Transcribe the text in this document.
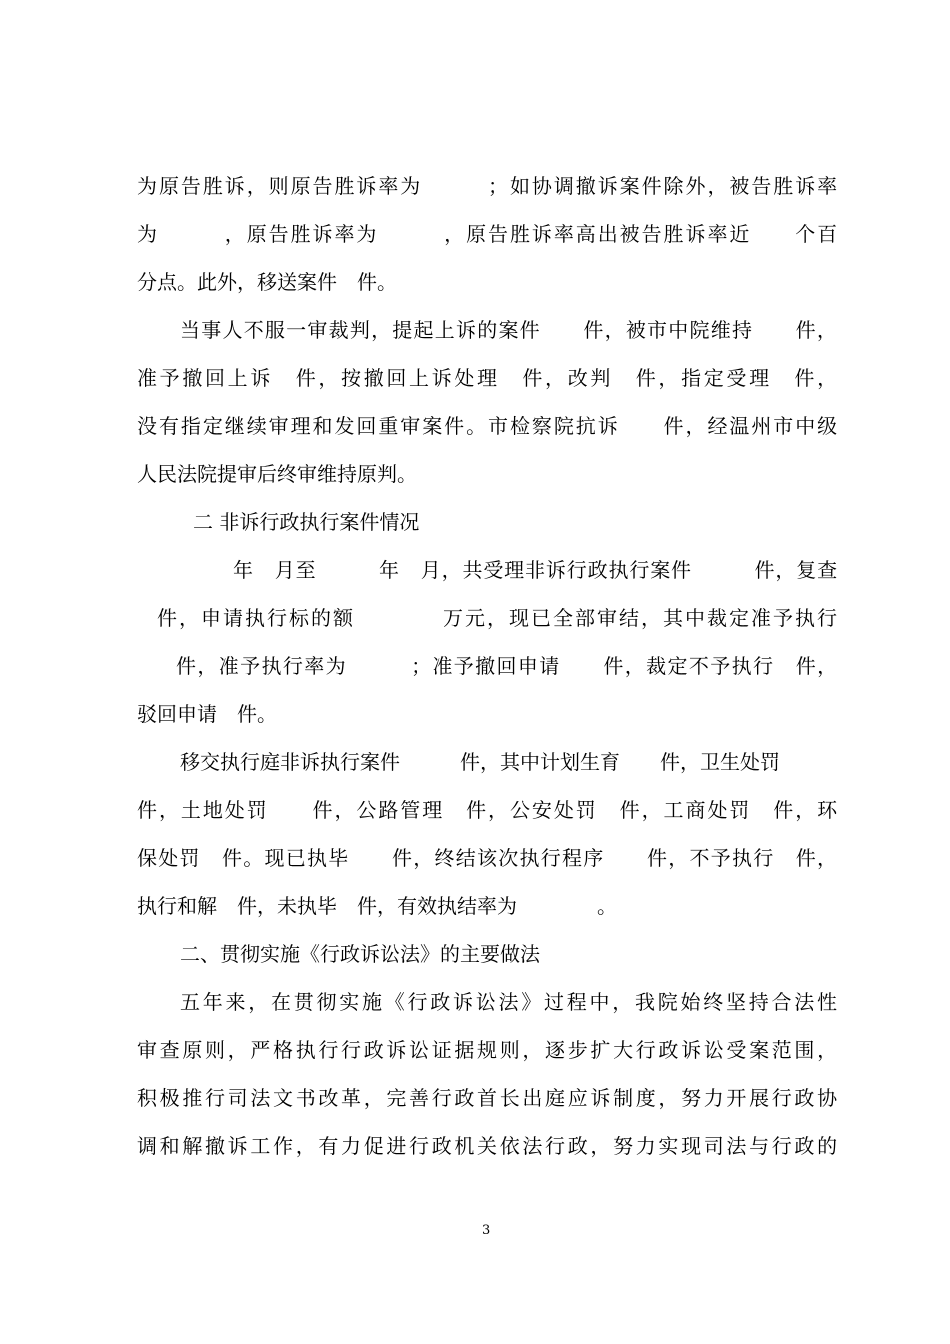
为原告胜诉，则原告胜诉率为　　　；如协调撤诉案件除外，被告胜诉率
为　　　，原告胜诉率为　　　，原告胜诉率高出被告胜诉率近　　个百
分点。此外，移送案件　件。
当事人不服一审裁判，提起上诉的案件　　件，被市中院维持　　件，
准予撤回上诉　件，按撤回上诉处理　件，改判　件，指定受理　件，
没有指定继续审理和发回重审案件。市检察院抗诉　　件，经温州市中级
人民法院提审后终审维持原判。
二 非诉行政执行案件情况
年　月至　　　年　月，共受理非诉行政执行案件　　　件，复查
件，申请执行标的额　　　　万元，现已全部审结，其中裁定准予执行
件，准予执行率为　　　；准予撤回申请　　件，裁定不予执行　件，
驳回申请　件。
移交执行庭非诉执行案件　　　件，其中计划生育　　件，卫生处罚
件，土地处罚　　件，公路管理　件，公安处罚　件，工商处罚　件，环
保处罚　件。现已执毕　　件，终结该次执行程序　　件，不予执行　件，
执行和解　件，未执毕　件，有效执结率为　　　　。
二、贯彻实施《行政诉讼法》的主要做法
五年来，在贯彻实施《行政诉讼法》过程中，我院始终坚持合法性
审查原则，严格执行行政诉讼证据规则，逐步扩大行政诉讼受案范围，
积极推行司法文书改革，完善行政首长出庭应诉制度，努力开展行政协
调和解撤诉工作，有力促进行政机关依法行政，努力实现司法与行政的
3
